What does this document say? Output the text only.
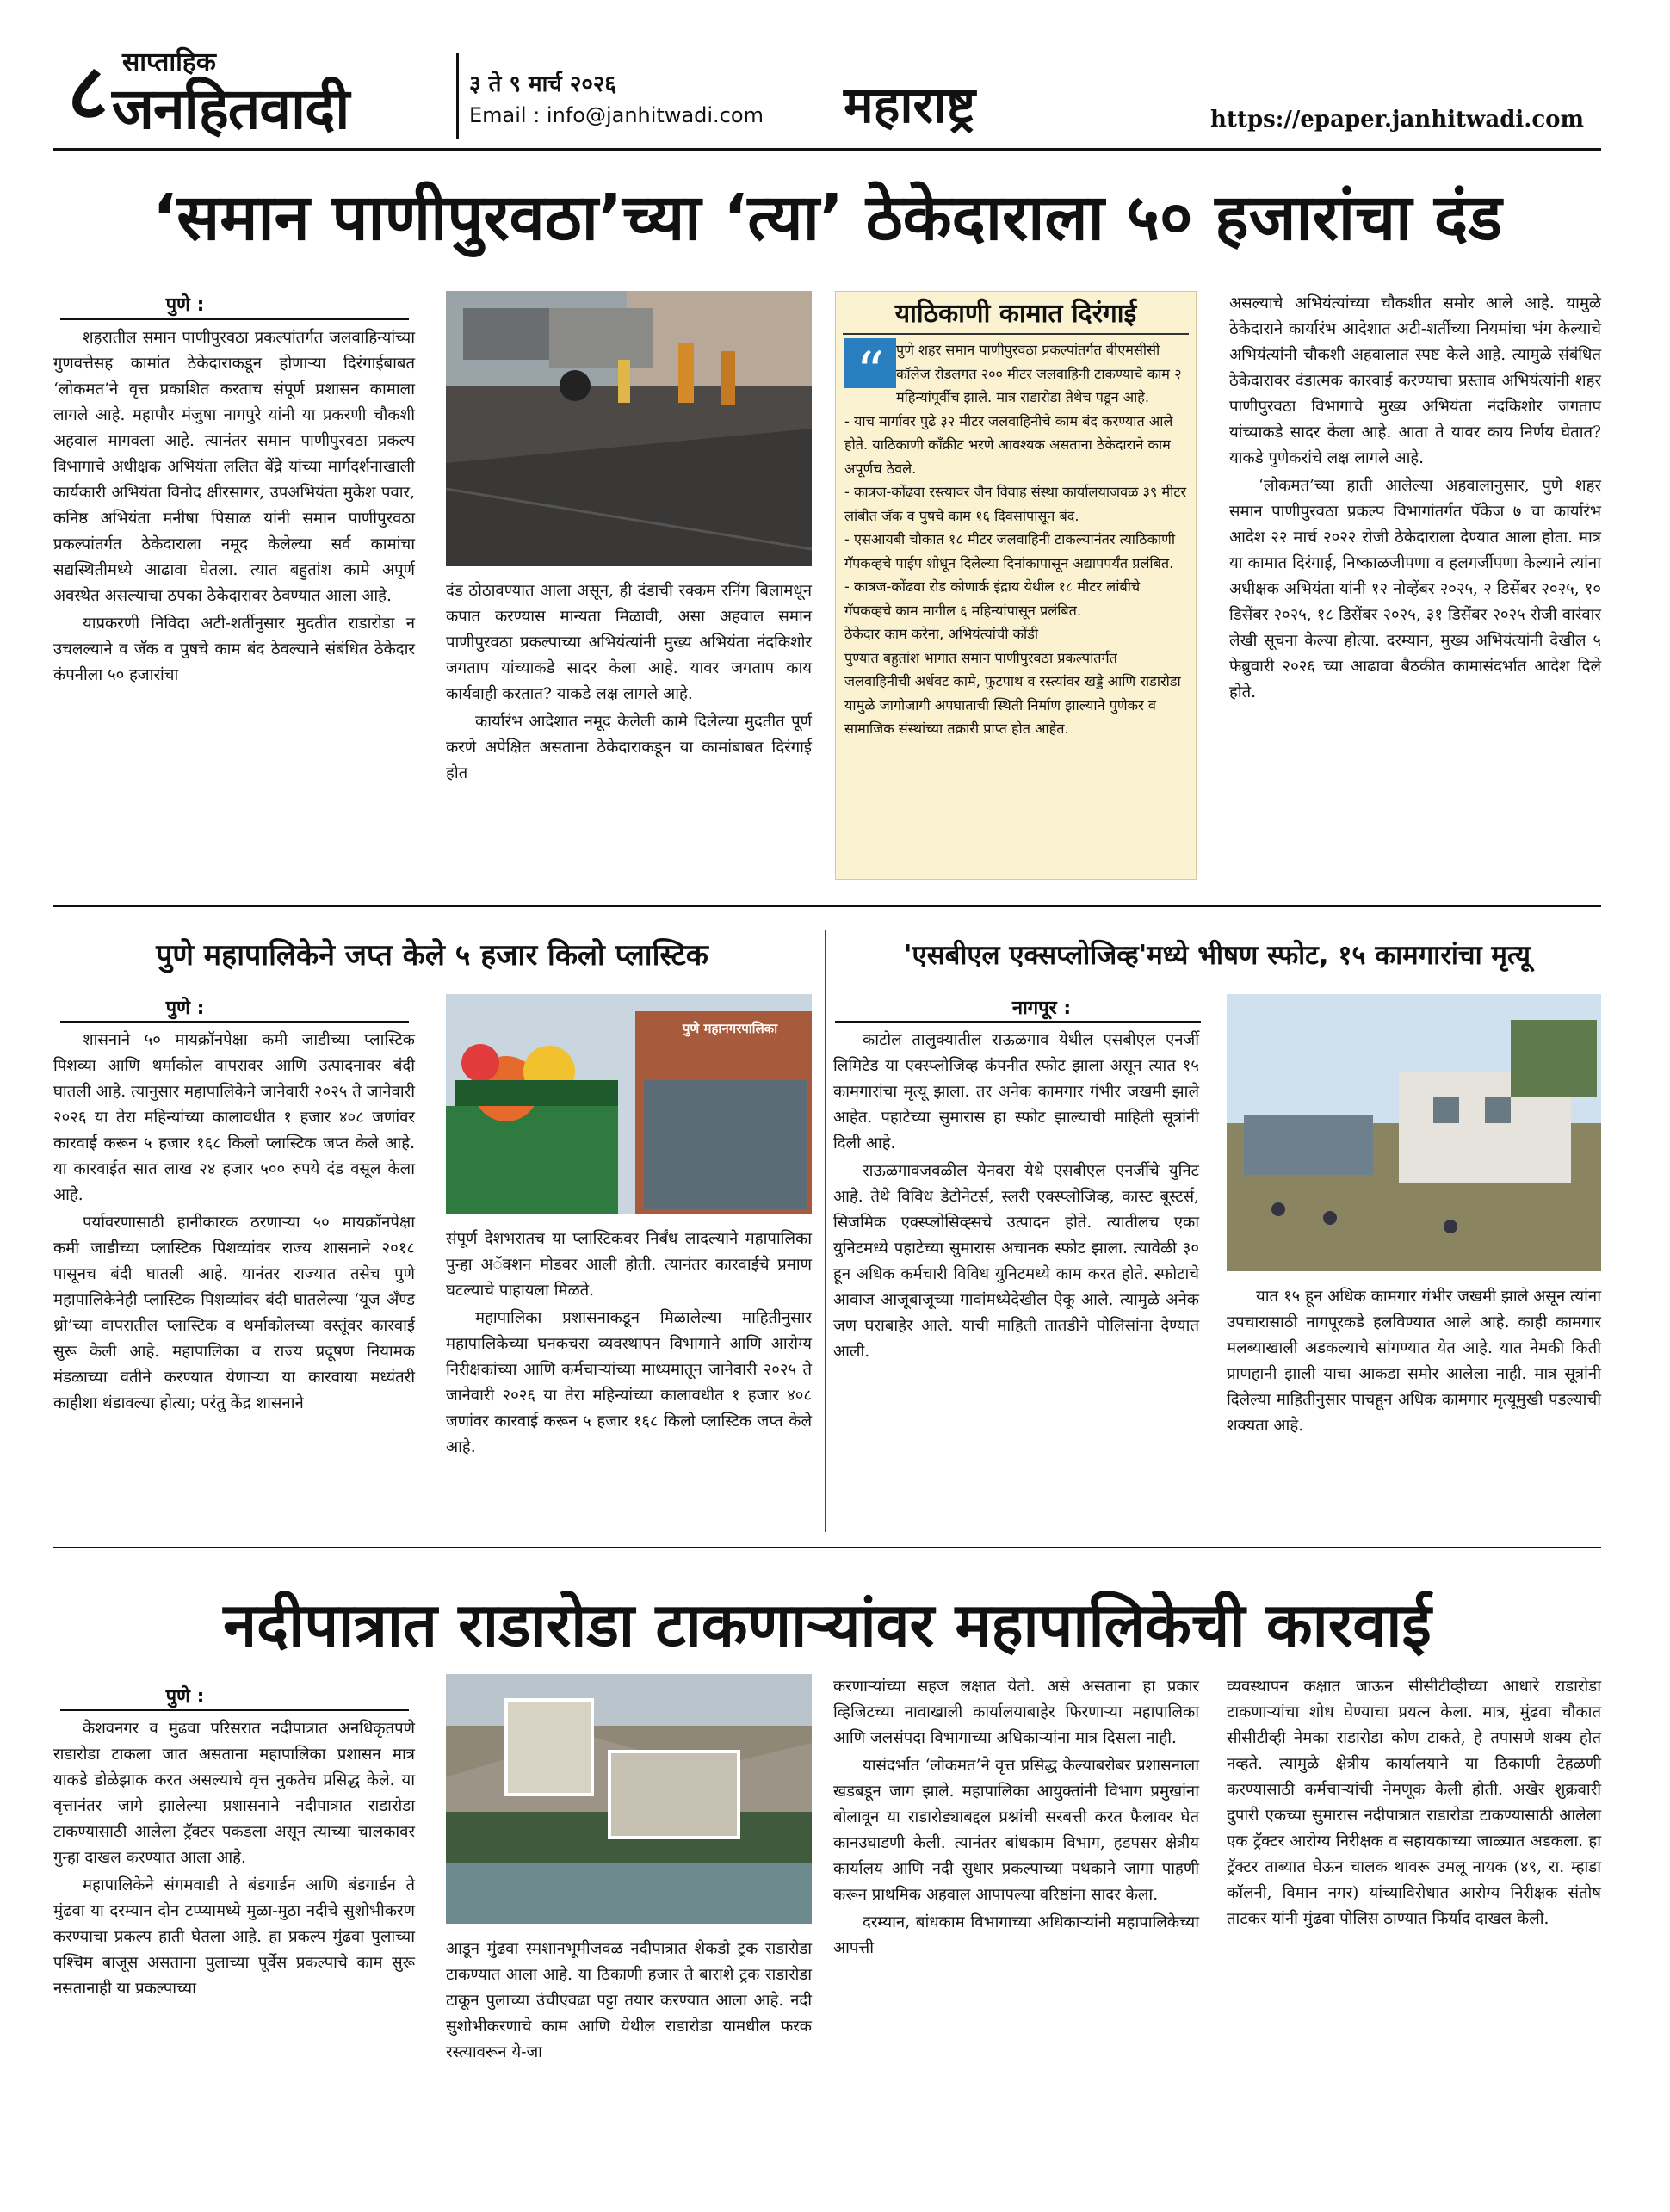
८ साप्ताहिक
जनहितवादी	३ ते ९ मार्च २०२६
Email : info@janhitwadi.com महाराष्ट्र	https://epaper.janhitwadi.com
‘समान पाणीपुरवठा’च्या ‘त्या’ ठेकेदाराला ५० हजारांचा दंड
पुणे :

शहरातील समान पाणीपुरवठा प्रकल्पांतर्गत जलवाहिन्यांच्या गुणवत्तेसह कामांत ठेकेदाराकडून होणाऱ्या दिरंगाईबाबत ‘लोकमत’ने वृत्त प्रकाशित करताच संपूर्ण प्रशासन कामाला लागले आहे. महापौर मंजुषा नागपुरे यांनी या प्रकरणी चौकशी अहवाल मागवला आहे. त्यानंतर समान पाणीपुरवठा प्रकल्प विभागाचे अधीक्षक अभियंता ललित बेंद्रे यांच्या मार्गदर्शनाखाली कार्यकारी अभियंता विनोद क्षीरसागर, उपअभियंता मुकेश पवार, कनिष्ठ अभियंता मनीषा पिसाळ यांनी समान पाणीपुरवठा प्रकल्पांतर्गत ठेकेदाराला नमूद केलेल्या सर्व कामांचा सद्यस्थितीमध्ये आढावा घेतला. त्यात बहुतांश कामे अपूर्ण अवस्थेत असल्याचा ठपका ठेकेदारावर ठेवण्यात आला आहे.

याप्रकरणी निविदा अटी-शर्तीनुसार मुदतीत राडारोडा न उचलल्याने व जॅक व पुषचे काम बंद ठेवल्याने संबंधित ठेकेदार कंपनीला ५० हजारांचा

दंड ठोठावण्यात आला असून, ही दंडाची रक्कम रनिंग बिलामधून कपात करण्यास मान्यता मिळावी, असा अहवाल समान पाणीपुरवठा प्रकल्पाच्या अभियंत्यांनी मुख्य अभियंता नंदकिशोर जगताप यांच्याकडे सादर केला आहे. यावर जगताप काय कार्यवाही करतात? याकडे लक्ष लागले आहे.

कार्यारंभ आदेशात नमूद केलेली कामे दिलेल्या मुदतीत पूर्ण करणे अपेक्षित असताना ठेकेदाराकडून या कामांबाबत दिरंगाई होत

याठिकाणी कामात दिरंगाई
“ पुणे शहर समान पाणीपुरवठा प्रकल्पांतर्गत बीएमसीसी कॉलेज रोडलगत २०० मीटर जलवाहिनी टाकण्याचे काम २ महिन्यांपूर्वीच झाले. मात्र राडारोडा तेथेच पडून आहे.
- याच मार्गावर पुढे ३२ मीटर जलवाहिनीचे काम बंद करण्यात आले होते. याठिकाणी कॉंक्रीट भरणे आवश्यक असताना ठेकेदाराने काम अपूर्णच ठेवले.
- कात्रज-कोंढवा रस्त्यावर जैन विवाह संस्था कार्यालयाजवळ ३९ मीटर लांबीत जॅक व पुषचे काम १६ दिवसांपासून बंद.
- एसआयबी चौकात १८ मीटर जलवाहिनी टाकल्यानंतर त्याठिकाणी गॅपकव्हचे पाईप शोधून दिलेल्या दिनांकापासून अद्यापपर्यंत प्रलंबित.
- कात्रज-कोंढवा रोड कोणार्क इंद्राय येथील १८ मीटर लांबीचे गॅपकव्हचे काम मागील ६ महिन्यांपासून प्रलंबित.
ठेकेदार काम करेना, अभियंत्यांची कोंडी
पुण्यात बहुतांश भागात समान पाणीपुरवठा प्रकल्पांतर्गत जलवाहिनीची अर्धवट कामे, फुटपाथ व रस्त्यांवर खड्डे आणि राडारोडा यामुळे जागोजागी अपघाताची स्थिती निर्माण झाल्याने पुणेकर व सामाजिक संस्थांच्या तक्रारी प्राप्त होत आहेत.

असल्याचे अभियंत्यांच्या चौकशीत समोर आले आहे. यामुळे ठेकेदाराने कार्यारंभ आदेशात अटी-शर्तींच्या नियमांचा भंग केल्याचे अभियंत्यांनी चौकशी अहवालात स्पष्ट केले आहे. त्यामुळे संबंधित ठेकेदारावर दंडात्मक कारवाई करण्याचा प्रस्ताव अभियंत्यांनी शहर पाणीपुरवठा विभागाचे मुख्य अभियंता नंदकिशोर जगताप यांच्याकडे सादर केला आहे. आता ते यावर काय निर्णय घेतात? याकडे पुणेकरांचे लक्ष लागले आहे.

‘लोकमत’च्या हाती आलेल्या अहवालानुसार, पुणे शहर समान पाणीपुरवठा प्रकल्प विभागांतर्गत पॅकेज ७ चा कार्यारंभ आदेश २२ मार्च २०२२ रोजी ठेकेदाराला देण्यात आला होता. मात्र या कामात दिरंगाई, निष्काळजीपणा व हलगर्जीपणा केल्याने त्यांना अधीक्षक अभियंता यांनी १२ नोव्हेंबर २०२५, २ डिसेंबर २०२५, १० डिसेंबर २०२५, १८ डिसेंबर २०२५, ३१ डिसेंबर २०२५ रोजी वारंवार लेखी सूचना केल्या होत्या. दरम्यान, मुख्य अभियंत्यांनी देखील ५ फेब्रुवारी २०२६ च्या आढावा बैठकीत कामासंदर्भात आदेश दिले होते.

पुणे महापालिकेने जप्त केले ५ हजार किलो प्लास्टिक
पुणे :

शासनाने ५० मायक्रॉनपेक्षा कमी जाडीच्या प्लास्टिक पिशव्या आणि थर्माकोल वापरावर आणि उत्पादनावर बंदी घातली आहे. त्यानुसार महापालिकेने जानेवारी २०२५ ते जानेवारी २०२६ या तेरा महिन्यांच्या कालावधीत १ हजार ४०८ जणांवर कारवाई करून ५ हजार १६८ किलो प्लास्टिक जप्त केले आहे. या कारवाईत सात लाख २४ हजार ५०० रुपये दंड वसूल केला आहे.

पर्यावरणासाठी हानीकारक ठरणाऱ्या ५० मायक्रॉनपेक्षा कमी जाडीच्या प्लास्टिक पिशव्यांवर राज्य शासनाने २०१८ पासूनच बंदी घातली आहे. यानंतर राज्यात तसेच पुणे महापालिकेनेही प्लास्टिक पिशव्यांवर बंदी घातलेल्या ‘यूज अँण्ड थ्रो’च्या वापरातील प्लास्टिक व थर्माकोलच्या वस्तूंवर कारवाई सुरू केली आहे. महापालिका व राज्य प्रदूषण नियामक मंडळाच्या वतीने करण्यात येणाऱ्या या कारवाया मध्यंतरी काहीशा थंडावल्या होत्या; परंतु केंद्र शासनाने

पुणे महानगरपालिका

संपूर्ण देशभरातच या प्लास्टिकवर निर्बंध लादल्याने महापालिका पुन्हा अॅक्शन मोडवर आली होती. त्यानंतर कारवाईचे प्रमाण घटल्याचे पाहायला मिळते.

महापालिका प्रशासनाकडून मिळालेल्या माहितीनुसार महापालिकेच्या घनकचरा व्यवस्थापन विभागाने आणि आरोग्य निरीक्षकांच्या आणि कर्मचाऱ्यांच्या माध्यमातून जानेवारी २०२५ ते जानेवारी २०२६ या तेरा महिन्यांच्या कालावधीत १ हजार ४०८ जणांवर कारवाई करून ५ हजार १६८ किलो प्लास्टिक जप्त केले आहे.

'एसबीएल एक्सप्लोजिव्ह'मध्ये भीषण स्फोट, १५ कामगारांचा मृत्यू
नागपूर :

काटोल तालुक्यातील राऊळगाव येथील एसबीएल एनर्जी लिमिटेड या एक्स्प्लोजिव्ह कंपनीत स्फोट झाला असून त्यात १५ कामगारांचा मृत्यू झाला. तर अनेक कामगार गंभीर जखमी झाले आहेत. पहाटेच्या सुमारास हा स्फोट झाल्याची माहिती सूत्रांनी दिली आहे.

राऊळगावजवळील येनवरा येथे एसबीएल एनर्जीचे युनिट आहे. तेथे विविध डेटोनेटर्स, स्लरी एक्स्प्लोजिव्ह, कास्ट बूस्टर्स, सिजमिक एक्स्प्लोसिव्ह्सचे उत्पादन होते. त्यातीलच एका युनिटमध्ये पहाटेच्या सुमारास अचानक स्फोट झाला. त्यावेळी ३० हून अधिक कर्मचारी विविध युनिटमध्ये काम करत होते. स्फोटाचे आवाज आजूबाजूच्या गावांमध्येदेखील ऐकू आले. त्यामुळे अनेक जण घराबाहेर आले. याची माहिती तातडीने पोलिसांना देण्यात आली.

यात १५ हून अधिक कामगार गंभीर जखमी झाले असून त्यांना उपचारासाठी नागपूरकडे हलविण्यात आले आहे. काही कामगार मलब्याखाली अडकल्याचे सांगण्यात येत आहे. यात नेमकी किती प्राणहानी झाली याचा आकडा समोर आलेला नाही. मात्र सूत्रांनी दिलेल्या माहितीनुसार पाचहून अधिक कामगार मृत्यूमुखी पडल्याची शक्यता आहे.

नदीपात्रात राडारोडा टाकणाऱ्यांवर महापालिकेची कारवाई
पुणे :

केशवनगर व मुंढवा परिसरात नदीपात्रात अनधिकृतपणे राडारोडा टाकला जात असताना महापालिका प्रशासन मात्र याकडे डोळेझाक करत असल्याचे वृत्त नुकतेच प्रसिद्ध केले. या वृत्तानंतर जागे झालेल्या प्रशासनाने नदीपात्रात राडारोडा टाकण्यासाठी आलेला ट्रॅक्टर पकडला असून त्याच्या चालकावर गुन्हा दाखल करण्यात आला आहे.

महापालिकेने संगमवाडी ते बंडगार्डन आणि बंडगार्डन ते मुंढवा या दरम्यान दोन टप्प्यामध्ये मुळा-मुठा नदीचे सुशोभीकरण करण्याचा प्रकल्प हाती घेतला आहे. हा प्रकल्प मुंढवा पुलाच्या पश्चिम बाजूस असताना पुलाच्या पूर्वेस प्रकल्पाचे काम सुरू नसतानाही या प्रकल्पाच्या

आडून मुंढवा स्मशानभूमीजवळ नदीपात्रात शेकडो ट्रक राडारोडा टाकण्यात आला आहे. या ठिकाणी हजार ते बाराशे ट्रक राडारोडा टाकून पुलाच्या उंचीएवढा पट्टा तयार करण्यात आला आहे. नदी सुशोभीकरणाचे काम आणि येथील राडारोडा यामधील फरक रस्त्यावरून ये-जा

करणाऱ्यांच्या सहज लक्षात येतो. असे असताना हा प्रकार व्हिजिटच्या नावाखाली कार्यालयाबाहेर फिरणाऱ्या महापालिका आणि जलसंपदा विभागाच्या अधिकाऱ्यांना मात्र दिसला नाही.

यासंदर्भात ‘लोकमत’ने वृत्त प्रसिद्ध केल्याबरोबर प्रशासनाला खडबडून जाग झाले. महापालिका आयुक्तांनी विभाग प्रमुखांना बोलावून या राडारोड्याबद्दल प्रश्नांची सरबत्ती करत फैलावर घेत कानउघाडणी केली. त्यानंतर बांधकाम विभाग, हडपसर क्षेत्रीय कार्यालय आणि नदी सुधार प्रकल्पाच्या पथकाने जागा पाहणी करून प्राथमिक अहवाल आपापल्या वरिष्ठांना सादर केला.

दरम्यान, बांधकाम विभागाच्या अधिकाऱ्यांनी महापालिकेच्या आपत्ती

व्यवस्थापन कक्षात जाऊन सीसीटीव्हीच्या आधारे राडारोडा टाकणाऱ्यांचा शोध घेण्याचा प्रयत्न केला. मात्र, मुंढवा चौकात सीसीटीव्ही नेमका राडारोडा कोण टाकते, हे तपासणे शक्य होत नव्हते. त्यामुळे क्षेत्रीय कार्यालयाने या ठिकाणी टेहळणी करण्यासाठी कर्मचाऱ्यांची नेमणूक केली होती. अखेर शुक्रवारी दुपारी एकच्या सुमारास नदीपात्रात राडारोडा टाकण्यासाठी आलेला एक ट्रॅक्टर आरोग्य निरीक्षक व सहायकाच्या जाळ्यात अडकला. हा ट्रॅक्टर ताब्यात घेऊन चालक थावरू उमलू नायक (४९, रा. म्हाडा कॉलनी, विमान नगर) यांच्याविरोधात आरोग्य निरीक्षक संतोष ताटकर यांनी मुंढवा पोलिस ठाण्यात फिर्याद दाखल केली.
